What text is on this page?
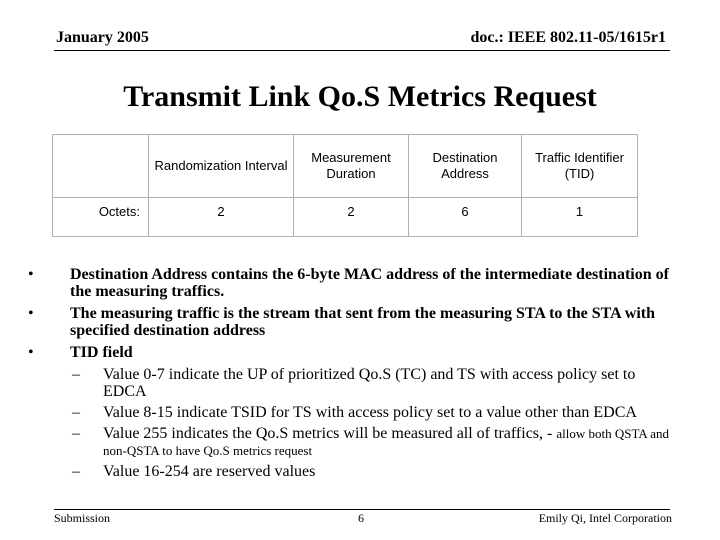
January 2005	doc.: IEEE 802.11-05/1615r1
Transmit Link Qo.S Metrics Request
	Randomization Interval	Measurement Duration	Destination Address	Traffic Identifier (TID)
Octets:	2	2	6	1
• Destination Address contains the 6-byte MAC address of the intermediate destination of the measuring traffics.
• The measuring traffic is the stream that sent from the measuring STA to the STA with specified destination address
• TID field
– Value 0-7 indicate the UP of prioritized Qo.S (TC) and TS with access policy set to EDCA
– Value 8-15 indicate TSID for TS with access policy set to a value other than EDCA
– Value 255 indicates the Qo.S metrics will be measured all of traffics, - allow both QSTA and non-QSTA to have Qo.S metrics request
– Value 16-254 are reserved values
Submission	6	Emily Qi, Intel Corporation
